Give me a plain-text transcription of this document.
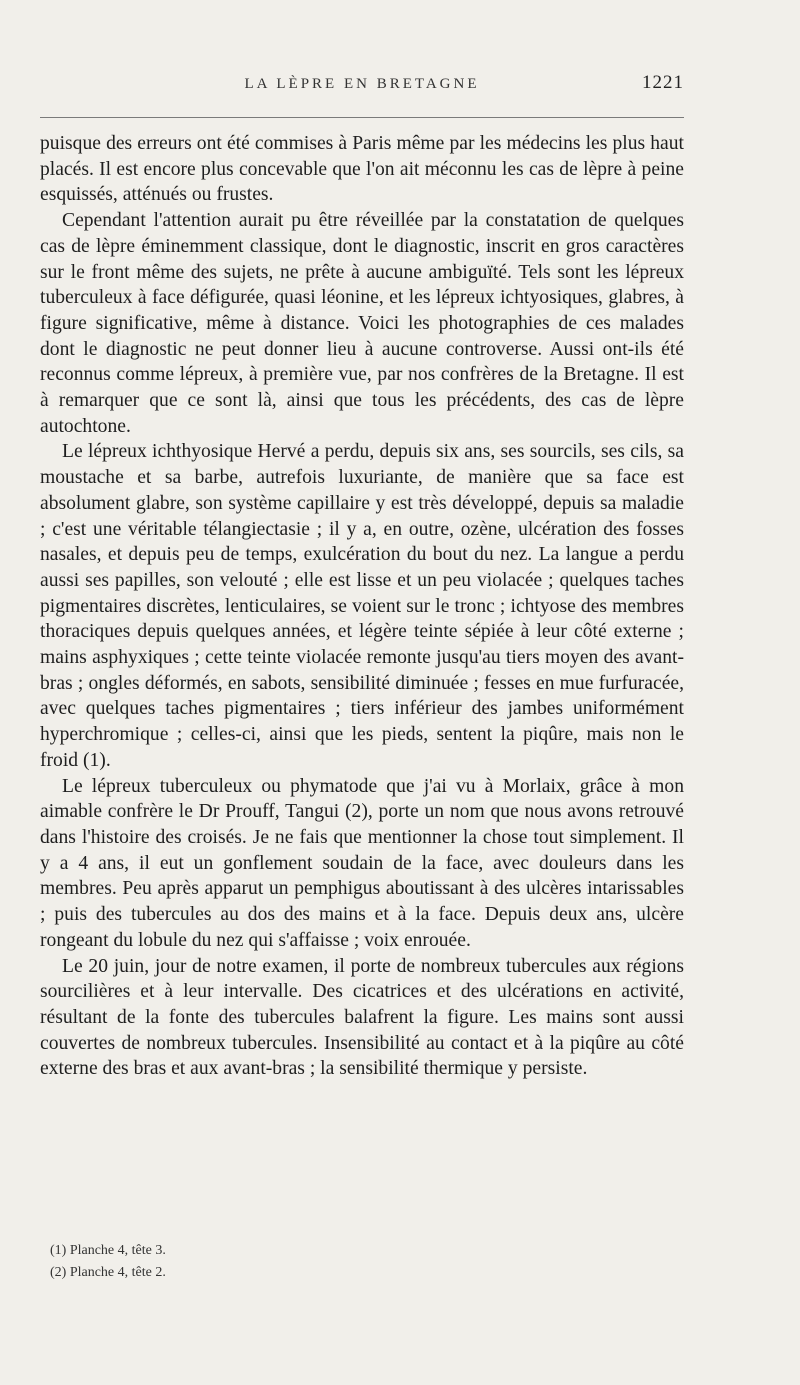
LA LÈPRE EN BRETAGNE	1221

puisque des erreurs ont été commises à Paris même par les médecins les plus haut placés. Il est encore plus concevable que l'on ait méconnu les cas de lèpre à peine esquissés, atténués ou frustes.

Cependant l'attention aurait pu être réveillée par la constatation de quelques cas de lèpre éminemment classique, dont le diagnostic, inscrit en gros caractères sur le front même des sujets, ne prête à aucune ambiguïté. Tels sont les lépreux tuberculeux à face défigurée, quasi léonine, et les lépreux ichtyosiques, glabres, à figure significative, même à distance. Voici les photographies de ces malades dont le diagnostic ne peut donner lieu à aucune controverse. Aussi ont-ils été reconnus comme lépreux, à première vue, par nos confrères de la Bretagne. Il est à remarquer que ce sont là, ainsi que tous les précédents, des cas de lèpre autochtone.

Le lépreux ichthyosique Hervé a perdu, depuis six ans, ses sourcils, ses cils, sa moustache et sa barbe, autrefois luxuriante, de manière que sa face est absolument glabre, son système capillaire y est très développé, depuis sa maladie ; c'est une véritable télangiectasie ; il y a, en outre, ozène, ulcération des fosses nasales, et depuis peu de temps, exulcération du bout du nez. La langue a perdu aussi ses papilles, son velouté ; elle est lisse et un peu violacée ; quelques taches pigmentaires discrètes, lenticulaires, se voient sur le tronc ; ichtyose des membres thoraciques depuis quelques années, et légère teinte sépiée à leur côté externe ; mains asphyxiques ; cette teinte violacée remonte jusqu'au tiers moyen des avant-bras ; ongles déformés, en sabots, sensibilité diminuée ; fesses en mue furfuracée, avec quelques taches pigmentaires ; tiers inférieur des jambes uniformément hyperchromique ; celles-ci, ainsi que les pieds, sentent la piqûre, mais non le froid (1).

Le lépreux tuberculeux ou phymatode que j'ai vu à Morlaix, grâce à mon aimable confrère le Dr Prouff, Tangui (2), porte un nom que nous avons retrouvé dans l'histoire des croisés. Je ne fais que mentionner la chose tout simplement. Il y a 4 ans, il eut un gonflement soudain de la face, avec douleurs dans les membres. Peu après apparut un pemphigus aboutissant à des ulcères intarissables ; puis des tubercules au dos des mains et à la face. Depuis deux ans, ulcère rongeant du lobule du nez qui s'affaisse ; voix enrouée.

Le 20 juin, jour de notre examen, il porte de nombreux tubercules aux régions sourcilières et à leur intervalle. Des cicatrices et des ulcérations en activité, résultant de la fonte des tubercules balafrent la figure. Les mains sont aussi couvertes de nombreux tubercules. Insensibilité au contact et à la piqûre au côté externe des bras et aux avant-bras ; la sensibilité thermique y persiste.

(1) Planche 4, tête 3.

(2) Planche 4, tête 2.
